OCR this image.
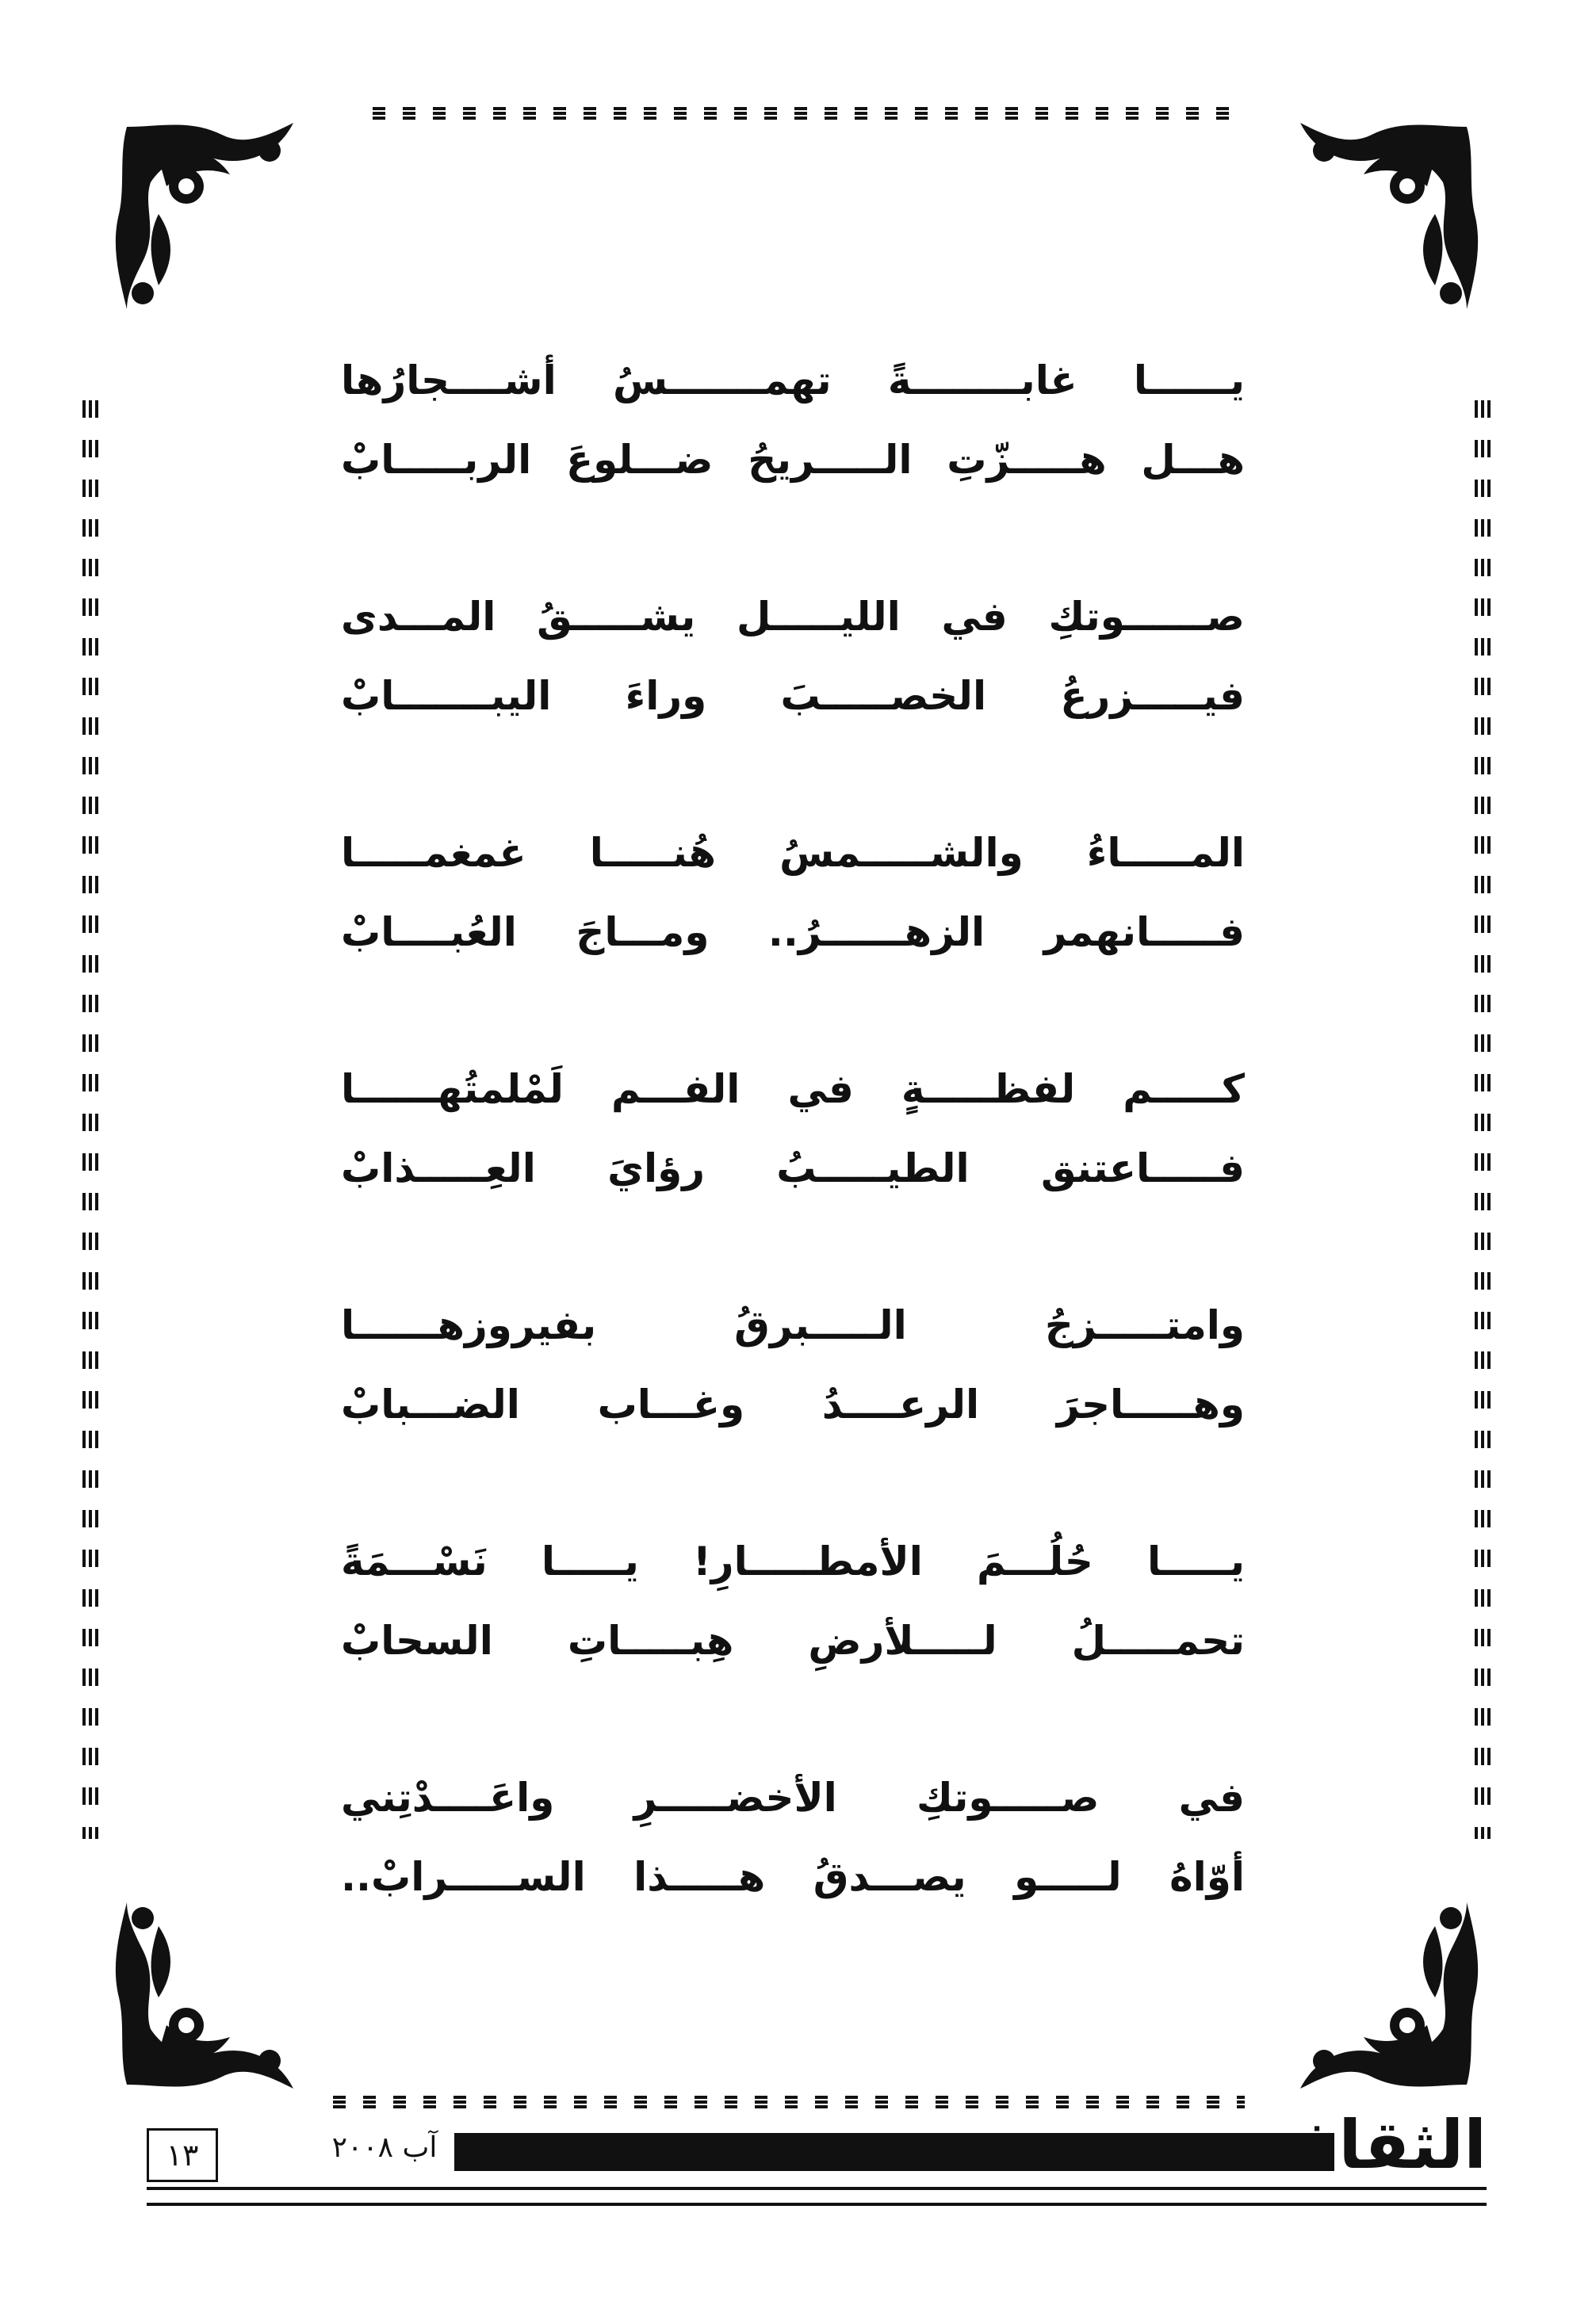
يــــــا غابــــــــةً تهمـــــــسُ أشــــجارُها
هـــل هـــــزّتِ الـــــريحُ ضـــلوعَ الربـــــابْ
صــــــوتكِ في الليـــــل يشـــــقُ المـــدى
فيـــــزرعُ الخصـــــبَ وراءَ اليبـــــــابْ
المـــــاءُ والشـــــمسُ هُنـــــا غمغمـــــا
فـــــانهمر الزهــــــرُ.. ومـــاجَ العُبــــابْ
كـــــم لفظـــــةٍ في الفـــم لَمْلمتُهــــــا
فـــــاعتنق الطيـــــبُ رؤايَ العِـــــذابْ
وامتـــــزجُ الـــــبرقُ بفيروزهــــــا
وهـــــاجرَ الرعــــدُ وغـــاب الضـــبابْ
يـــــا حُلُـــمَ الأمطـــــارِ! يـــــا نَسْـــمَةً
تحمـــــلُ لـــــلأرضِ هِبـــــاتِ السحابْ
في صـــــوتكِ الأخضـــــرِ واعَــــدْتِني
أوّاهُ لـــــو يصـــدقُ هـــــذا الســـــرابْ..
١٣	آب ٢٠٠٨	الثقافة
